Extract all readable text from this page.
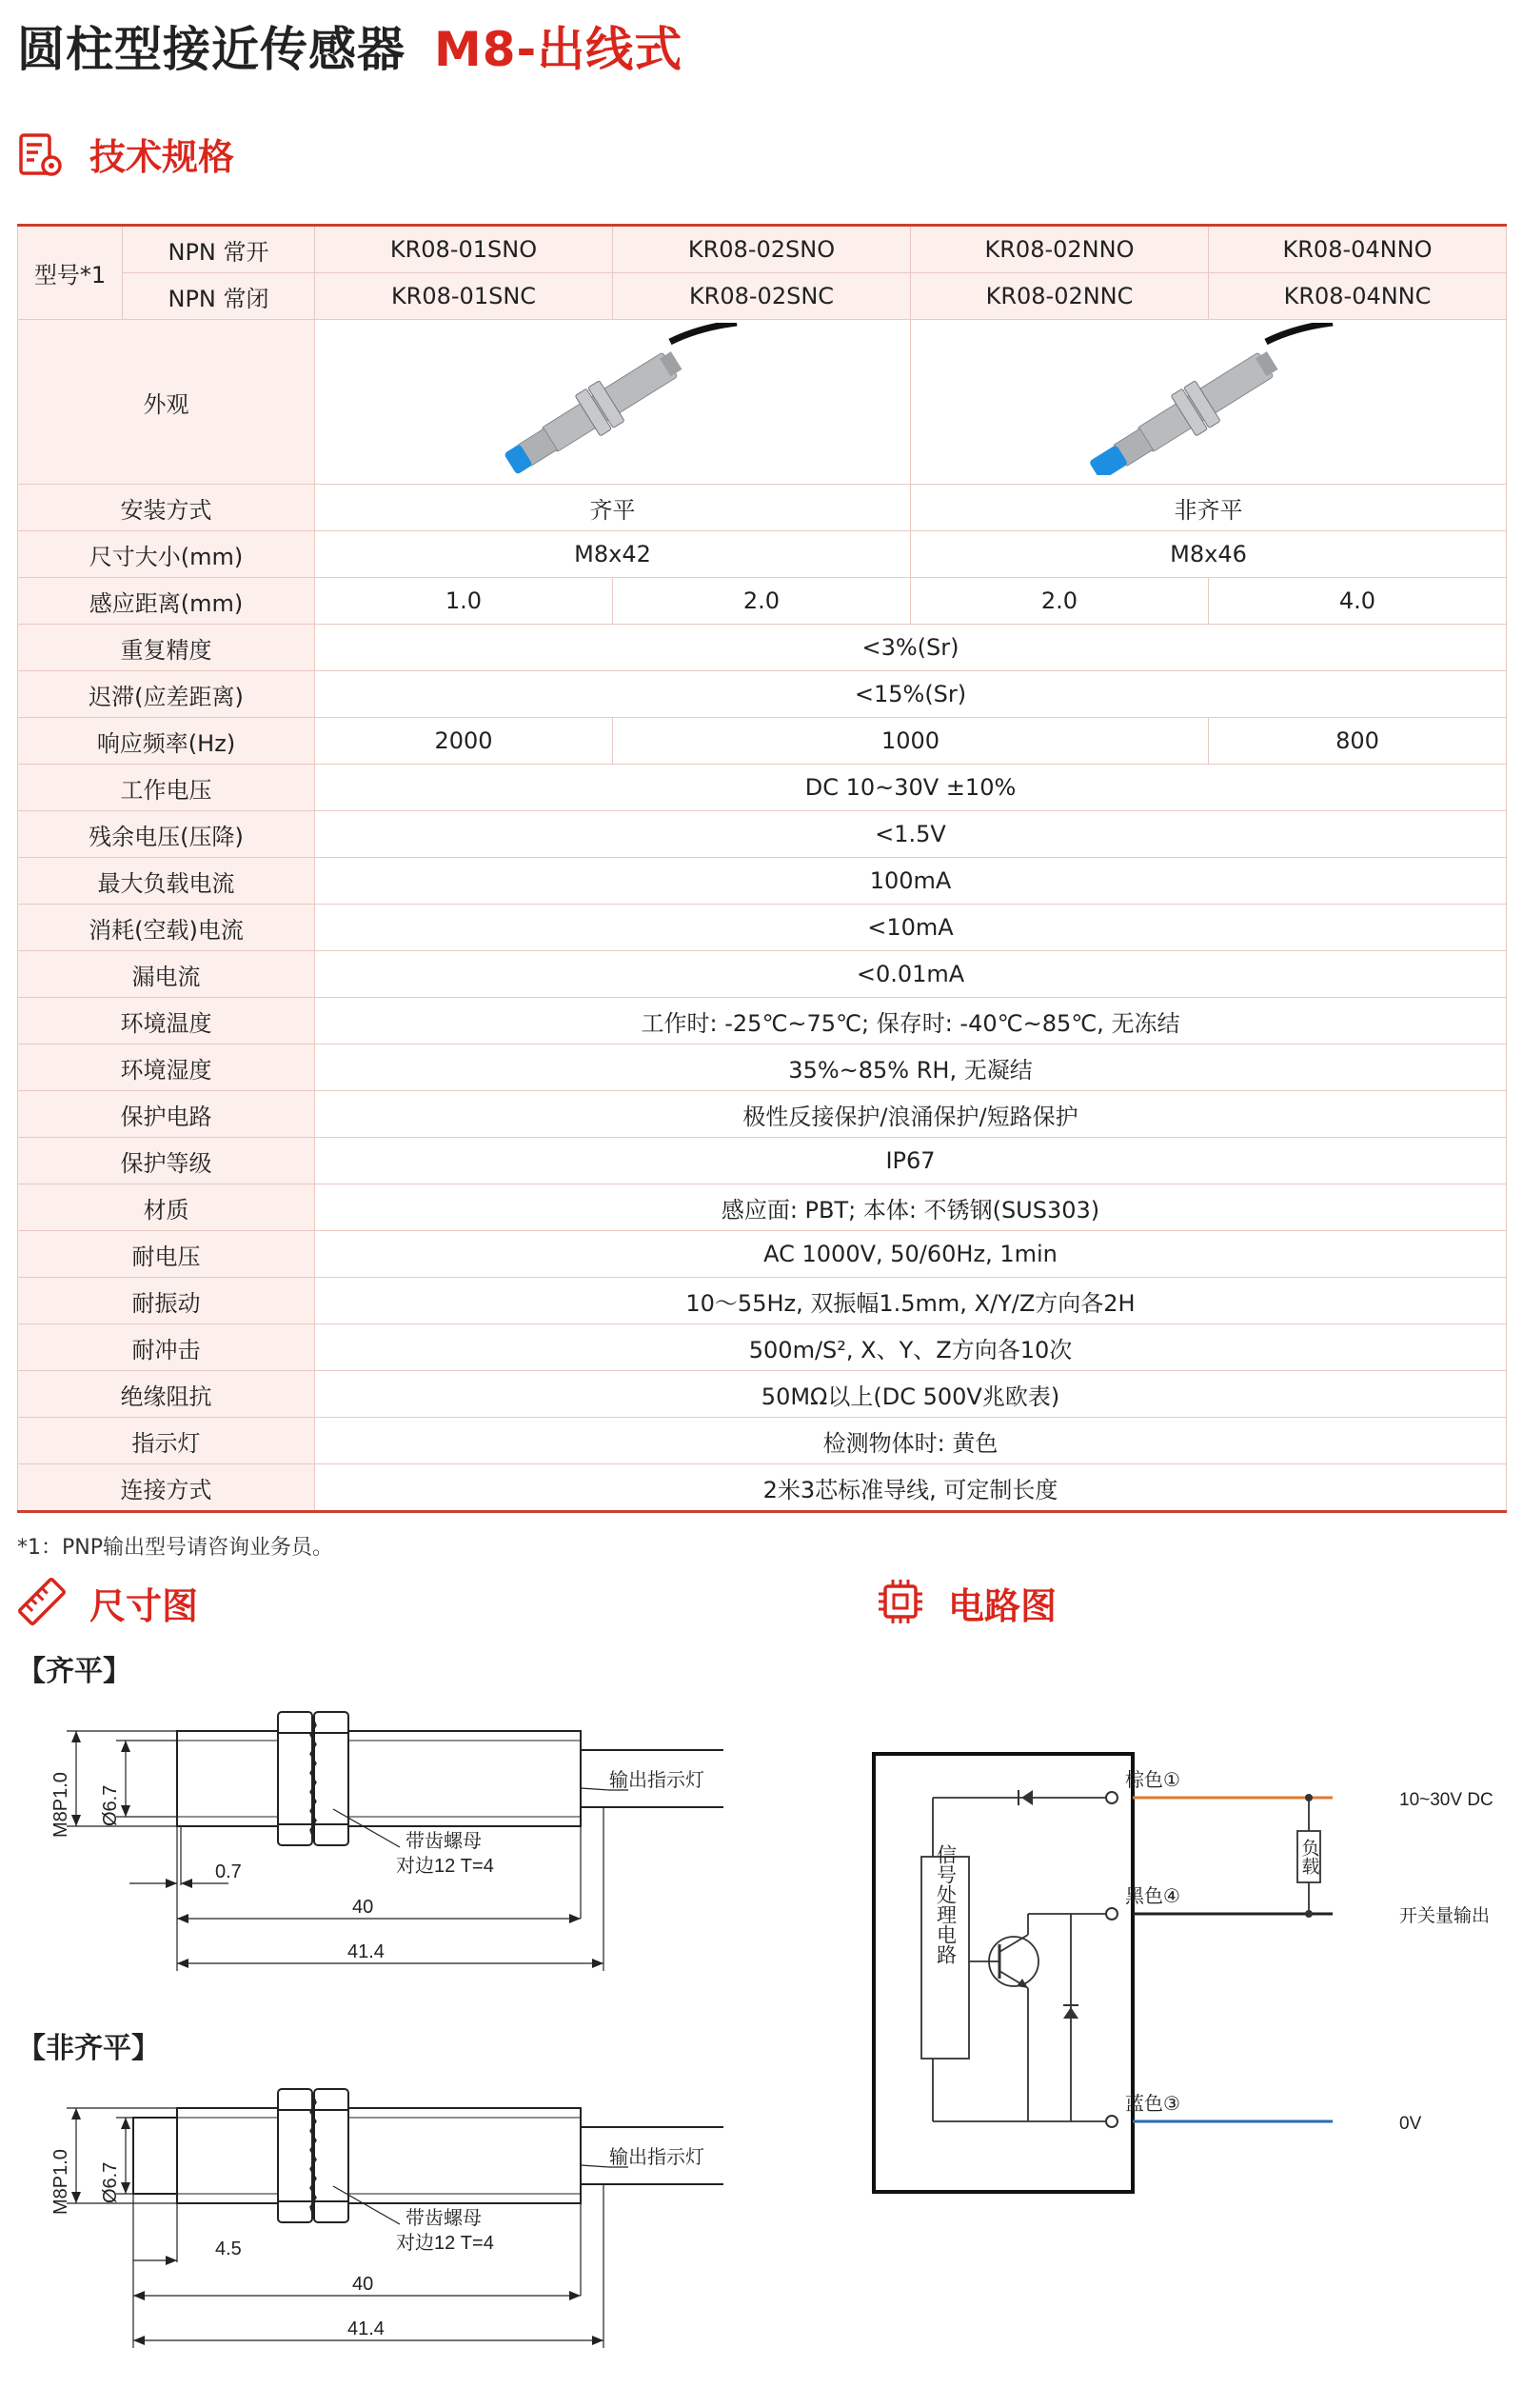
圆柱型接近传感器 M8-出线式
技术规格
型号*1	NPN 常开	KR08-01SNO	KR08-02SNO	KR08-02NNO	KR08-04NNO
	NPN 常闭	KR08-01SNC	KR08-02SNC	KR08-02NNC	KR08-04NNC
外观		
安装方式		齐平		非齐平	
尺寸大小(mm)		M8x42		M8x46	
感应距离(mm)		1.0	2.0	2.0	4.0
重复精度		<3%(Sr)			
迟滞(应差距离)		<15%(Sr)			
响应频率(Hz)		2000	1000		800
工作电压		DC 10~30V ±10%			
残余电压(压降)		<1.5V			
最大负载电流		100mA			
消耗(空载)电流		<10mA			
漏电流		<0.01mA			
环境温度		工作时: -25℃~75℃; 保存时: -40℃~85℃, 无冻结			
环境湿度		35%~85% RH, 无凝结			
保护电路		极性反接保护/浪涌保护/短路保护			
保护等级		IP67			
材质		感应面: PBT; 本体: 不锈钢(SUS303)			
耐电压		AC 1000V, 50/60Hz, 1min			
耐振动		10～55Hz, 双振幅1.5mm, X/Y/Z方向各2H			
耐冲击		500m/S², X、Y、Z方向各10次			
绝缘阻抗		50MΩ以上(DC 500V兆欧表)			
指示灯		检测物体时: 黄色			
连接方式		2米3芯标准导线, 可定制长度			
*1：PNP输出型号请咨询业务员。
尺寸图	电路图
【齐平】
M8P1.0 Ø6.7
0.7
40
41.4
输出指示灯
带齿螺母
对边12 T=4
【非齐平】
M8P1.0 Ø6.7
4.5
40
41.4
输出指示灯
带齿螺母
对边12 T=4
棕色①
黑色④
蓝色③
10~30V DC
开关量输出
0V
负载
信号处理电路
